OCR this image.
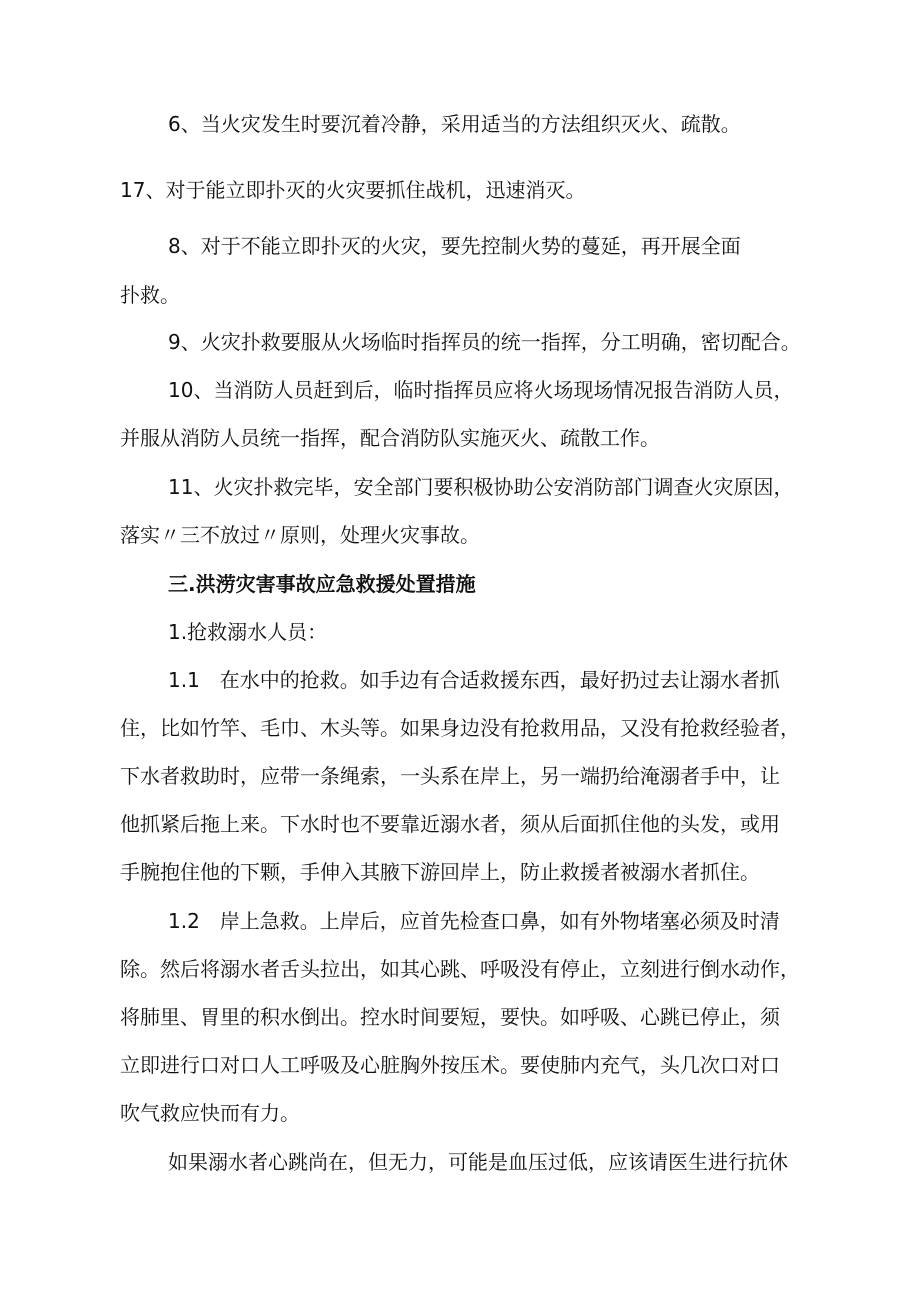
6、当火灾发生时要沉着冷静，采用适当的方法组织灭火、疏散。
17、对于能立即扑灭的火灾要抓住战机，迅速消灭。
8、对于不能立即扑灭的火灾，要先控制火势的蔓延，再开展全面
扑救。
9、火灾扑救要服从火场临时指挥员的统一指挥，分工明确，密切配合。
10、当消防人员赶到后，临时指挥员应将火场现场情况报告消防人员，
并服从消防人员统一指挥，配合消防队实施灭火、疏散工作。
11、火灾扑救完毕，安全部门要积极协助公安消防部门调查火灾原因，
落实〃三不放过〃原则，处理火灾事故。
三.洪涝灾害事故应急救援处置措施
1.抢救溺水人员：
1.1　在水中的抢救。如手边有合适救援东西，最好扔过去让溺水者抓
住，比如竹竿、毛巾、木头等。如果身边没有抢救用品，又没有抢救经验者，
下水者救助时，应带一条绳索，一头系在岸上，另一端扔给淹溺者手中，让
他抓紧后拖上来。下水时也不要靠近溺水者，须从后面抓住他的头发，或用
手腕抱住他的下颗，手伸入其腋下游回岸上，防止救援者被溺水者抓住。
1.2　岸上急救。上岸后，应首先检查口鼻，如有外物堵塞必须及时清
除。然后将溺水者舌头拉出，如其心跳、呼吸没有停止，立刻进行倒水动作，
将肺里、胃里的积水倒出。控水时间要短，要快。如呼吸、心跳已停止，须
立即进行口对口人工呼吸及心脏胸外按压术。要使肺内充气，头几次口对口
吹气救应快而有力。
如果溺水者心跳尚在，但无力，可能是血压过低，应该请医生进行抗休
